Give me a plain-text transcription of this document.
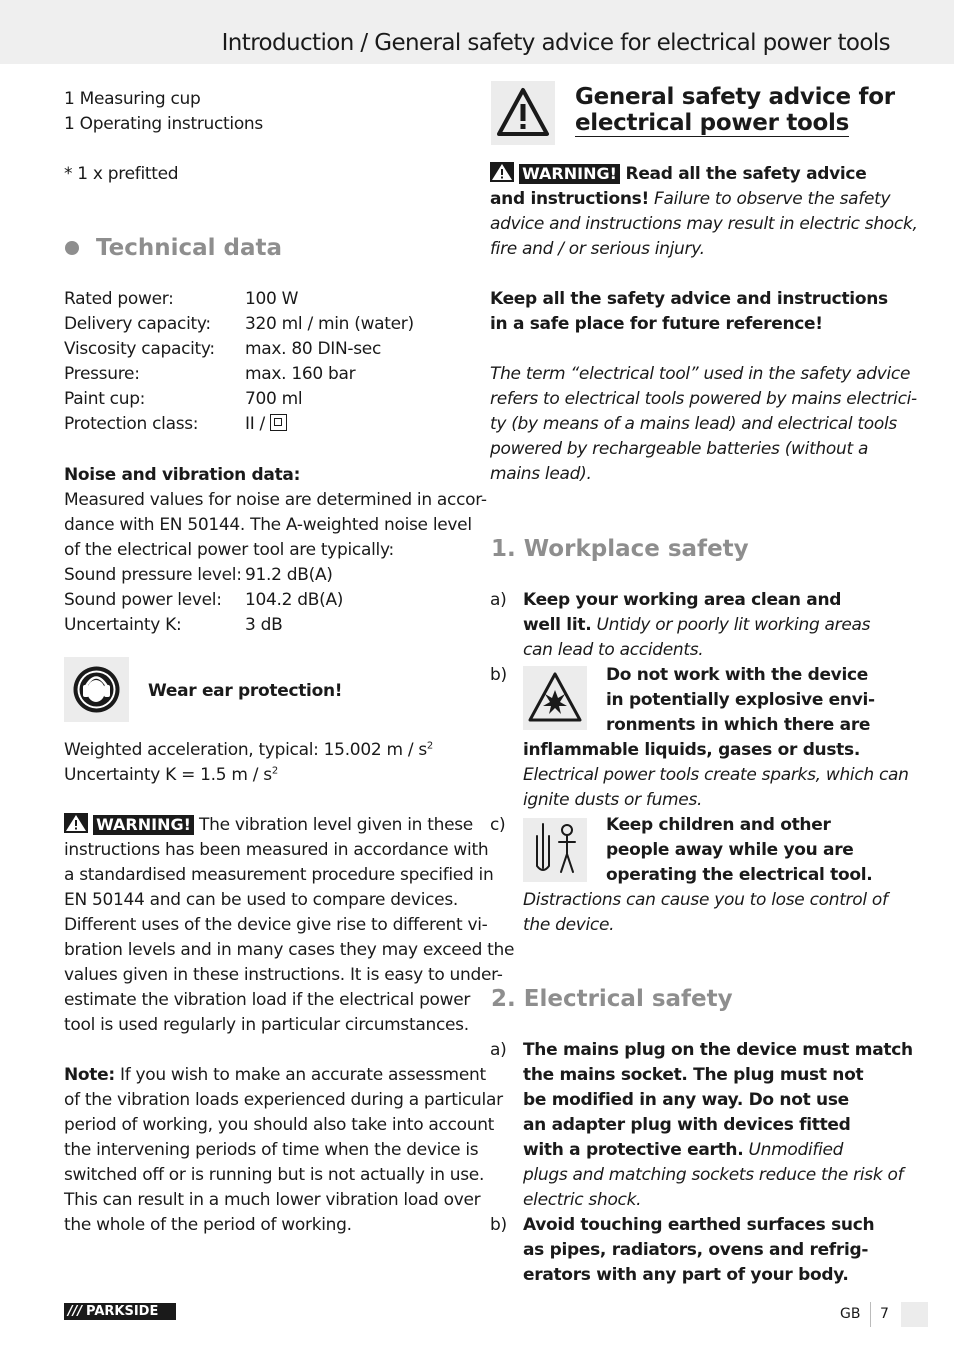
Introduction / General safety advice for electrical power tools
1 Measuring cup
1 Operating instructions
* 1 x prefitted
Technical data
Rated power:	100 W
Delivery capacity: 320 ml / min (water)
Viscosity capacity: max. 80 DIN-sec
Pressure:	max. 160 bar
Paint cup:	700 ml
Protection class:	II /
Noise and vibration data:
Measured values for noise are determined in accor-
dance with EN 50144. The A-weighted noise level
of the electrical power tool are typically:
Sound pressure level: 91.2 dB(A)
Sound power level: 104.2 dB(A)
Uncertainty K:	3 dB
Wear ear protection!
Weighted acceleration, typical: 15.002 m / $s^2$
Uncertainty K = 1.5 m / $s^2$
WARNING! The vibration level given in these
instructions has been measured in accordance with
a standardised measurement procedure specified in
EN 50144 and can be used to compare devices.
Different uses of the device give rise to different vi-
bration levels and in many cases they may exceed the
values given in these instructions. It is easy to under-
estimate the vibration load if the electrical power
tool is used regularly in particular circumstances.
Note: If you wish to make an accurate assessment
of the vibration loads experienced during a particular
period of working, you should also take into account
the intervening periods of time when the device is
switched off or is running but is not actually in use.
This can result in a much lower vibration load over
the whole of the period of working.
General safety advice for
electrical power tools
WARNING! Read all the safety advice
and instructions! Failure to observe the safety
advice and instructions may result in electric shock,
fire and / or serious injury.
Keep all the safety advice and instructions
in a safe place for future reference!
The term “electrical tool” used in the safety advice
refers to electrical tools powered by mains electrici-
ty (by means of a mains lead) and electrical tools
powered by rechargeable batteries (without a
mains lead).
1. Workplace safety
a) Keep your working area clean and
well lit. Untidy or poorly lit working areas
can lead to accidents.
b)	Do not work with the device
in potentially explosive envi-
ronments in which there are
inflammable liquids, gases or dusts.
Electrical power tools create sparks, which can
ignite dusts or fumes.
c)	Keep children and other
people away while you are
operating the electrical tool.
Distractions can cause you to lose control of
the device.
2. Electrical safety
a) The mains plug on the device must match
the mains socket. The plug must not
be modified in any way. Do not use
an adapter plug with devices fitted
with a protective earth. Unmodified
plugs and matching sockets reduce the risk of
electric shock.
b) Avoid touching earthed surfaces such
as pipes, radiators, ovens and refrig-
erators with any part of your body.
/// PARKSIDE	GB 7
